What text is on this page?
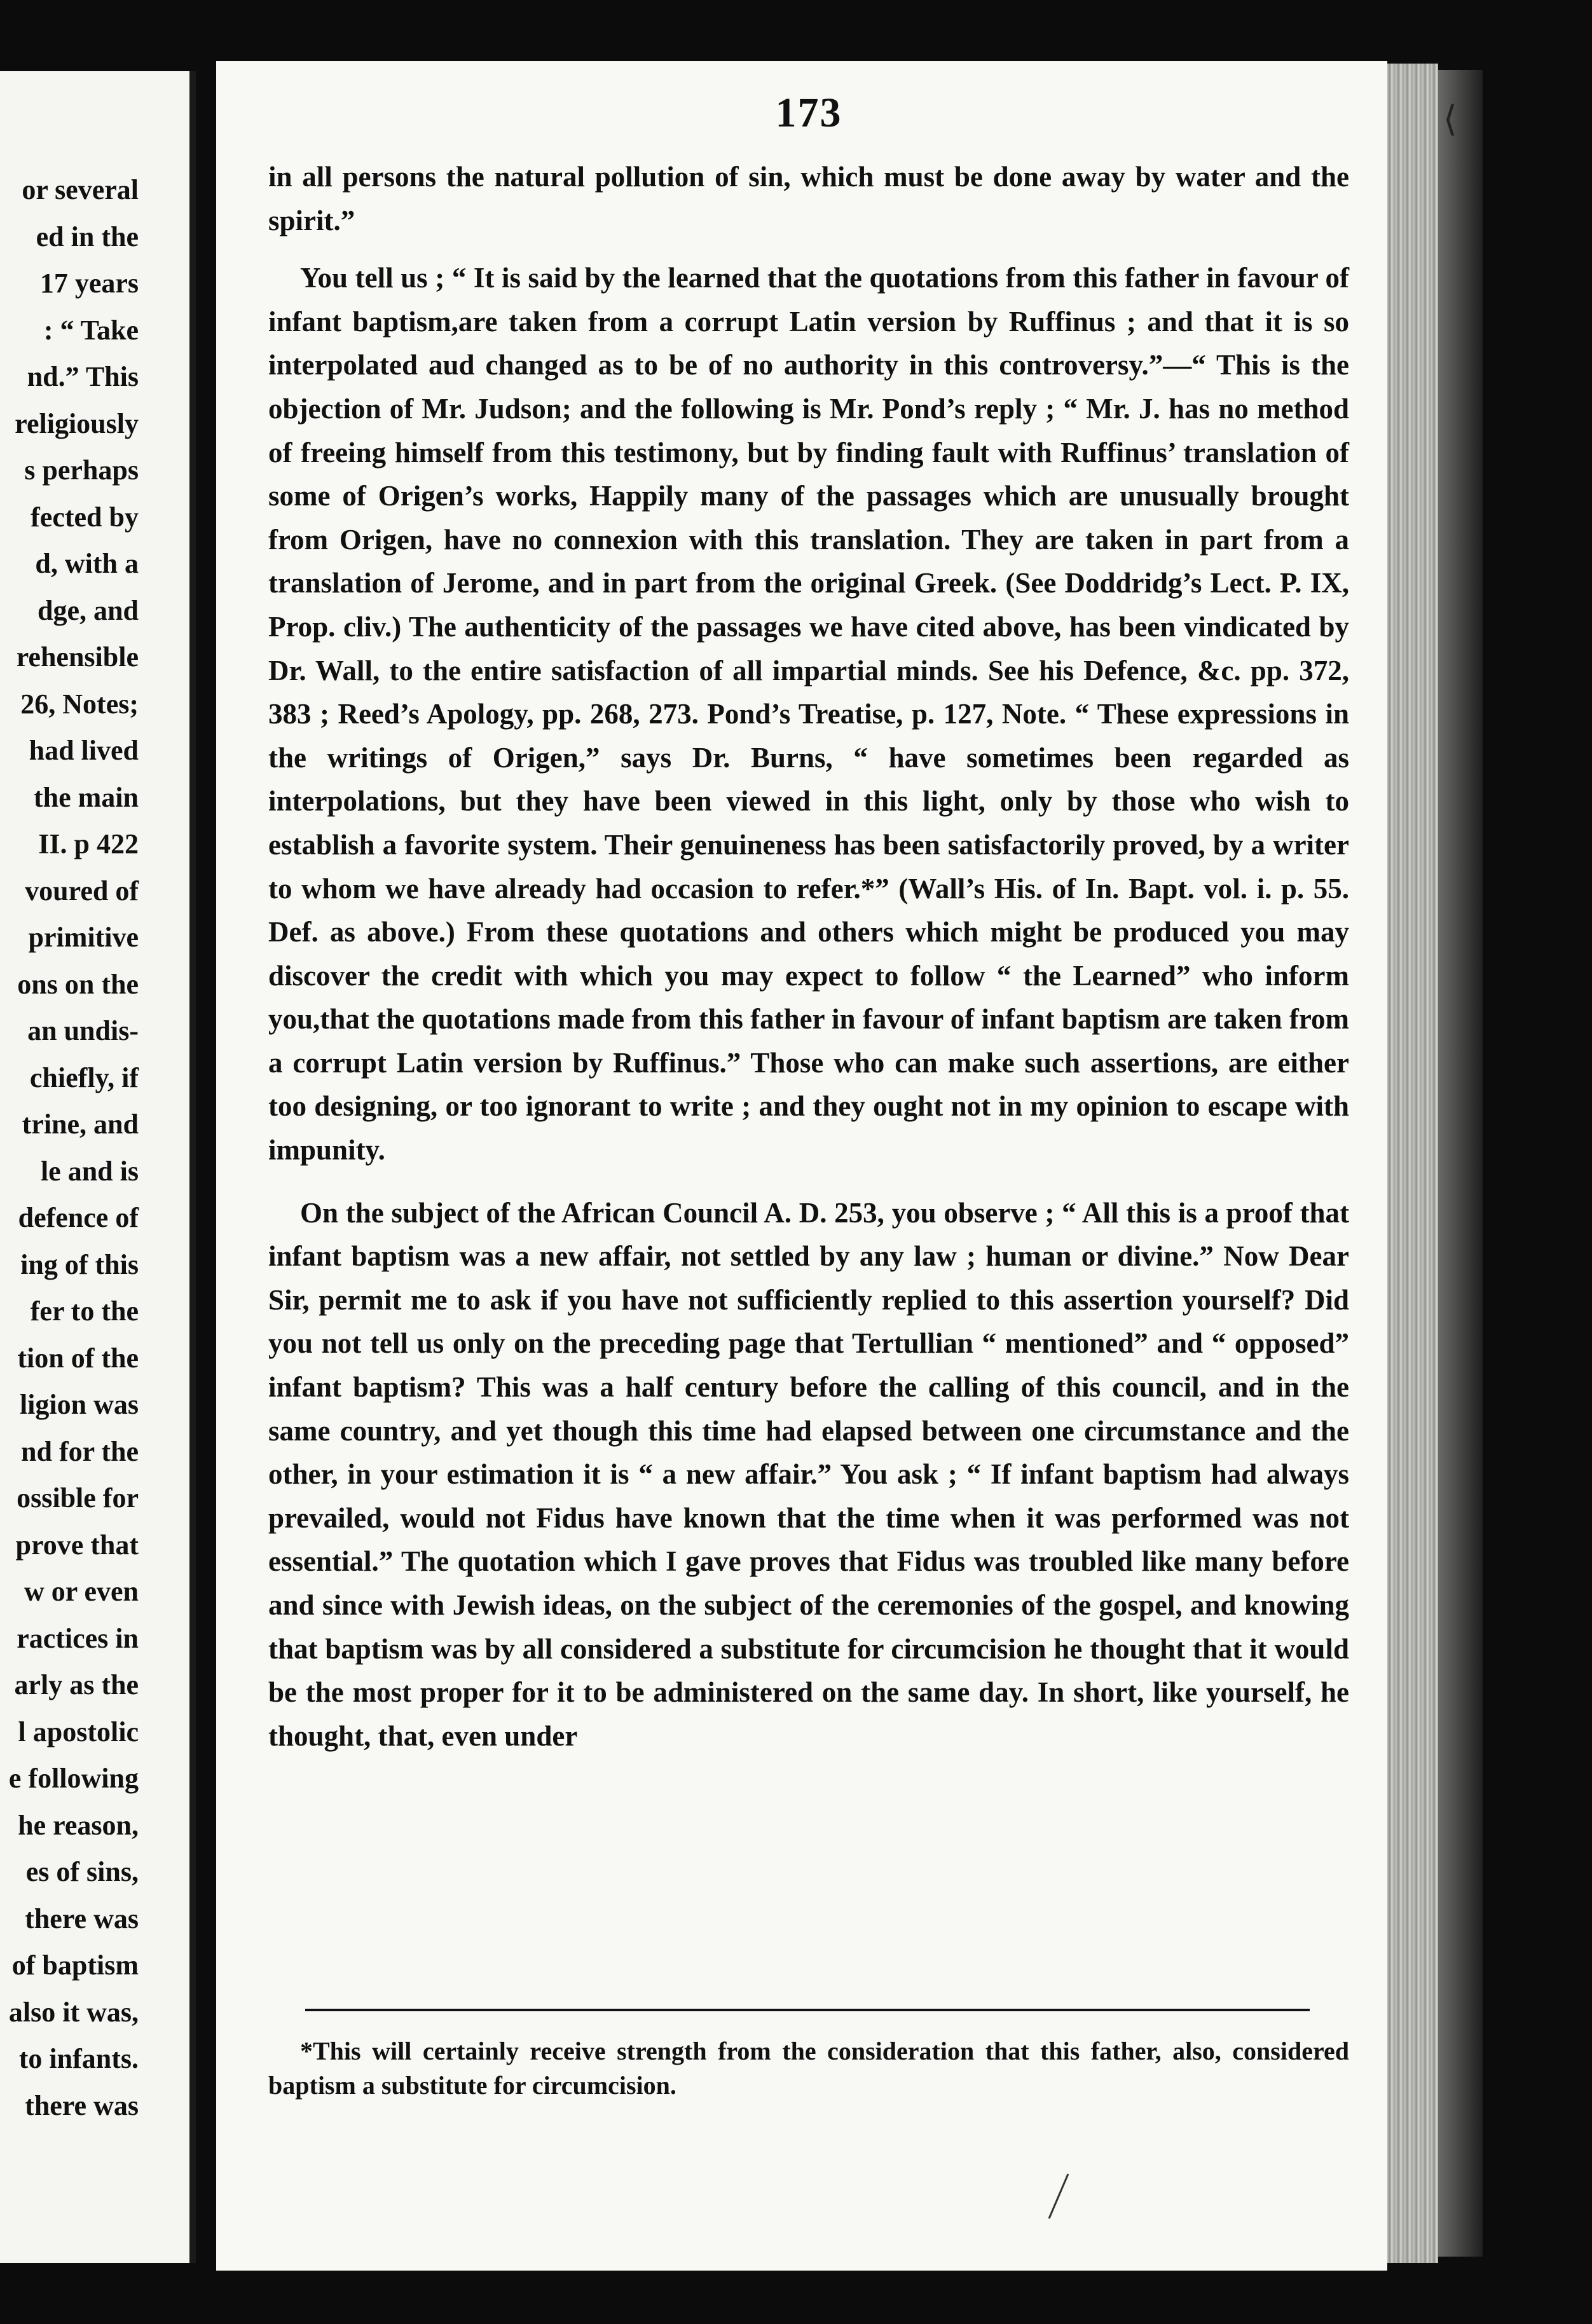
or several
ed in the
17 years
: “ Take
nd.” This
religiously
s perhaps
fected by
d, with a
dge, and
rehensible
26, Notes;
had lived
the main
II. p 422
voured of
primitive
ons on the
an undis-
chiefly, if
trine, and
le and is
defence of
ing of this
fer to the
tion of the
ligion was
nd for the
ossible for
prove that
w or even
ractices in
arly as the
l apostolic
e following
he reason,
es of sins,
there was
of baptism
also it was,
to infants.
there was
⟨
173

in all persons the natural pollution of sin, which must be done away by water and the spirit.”

You tell us ; “ It is said by the learned that the quotations from this father in favour of infant baptism,are taken from a corrupt Latin version by Ruffinus ; and that it is so interpolated aud changed as to be of no authority in this controversy.”—“ This is the objection of Mr. Judson; and the following is Mr. Pond’s reply ; “ Mr. J. has no method of freeing himself from this testimony, but by finding fault with Ruffinus’ translation of some of Origen’s works, Happily many of the passages which are unusually brought from Origen, have no connexion with this translation. They are taken in part from a translation of Jerome, and in part from the original Greek. (See Doddridg’s Lect. P. IX, Prop. cliv.) The authenticity of the passages we have cited above, has been vindicated by Dr. Wall, to the entire satisfaction of all impartial minds. See his Defence, &c. pp. 372, 383 ; Reed’s Apology, pp. 268, 273. Pond’s Treatise, p. 127, Note. “ These expressions in the writings of Origen,” says Dr. Burns, “ have sometimes been regarded as interpolations, but they have been viewed in this light, only by those who wish to establish a favorite system. Their genuineness has been satisfactorily proved, by a writer to whom we have already had occasion to refer.*” (Wall’s His. of In. Bapt. vol. i. p. 55. Def. as above.) From these quotations and others which might be produced you may discover the credit with which you may expect to follow “ the Learned” who inform you,that the quotations made from this father in favour of infant baptism are taken from a corrupt Latin version by Ruffinus.” Those who can make such assertions, are either too designing, or too ignorant to write ; and they ought not in my opinion to escape with impunity.

On the subject of the African Council A. D. 253, you observe ; “ All this is a proof that infant baptism was a new affair, not settled by any law ; human or divine.” Now Dear Sir, permit me to ask if you have not sufficiently replied to this assertion yourself? Did you not tell us only on the preceding page that Tertullian “ mentioned” and “ opposed” infant baptism? This was a half century before the calling of this council, and in the same country, and yet though this time had elapsed between one circumstance and the other, in your estimation it is “ a new affair.” You ask ; “ If infant baptism had always prevailed, would not Fidus have known that the time when it was performed was not essential.” The quotation which I gave proves that Fidus was troubled like many before and since with Jewish ideas, on the subject of the ceremonies of the gospel, and knowing that baptism was by all considered a substitute for circumcision he thought that it would be the most proper for it to be administered on the same day. In short, like yourself, he thought, that, even under

*This will certainly receive strength from the consideration that this father, also, considered baptism a substitute for circumcision.
